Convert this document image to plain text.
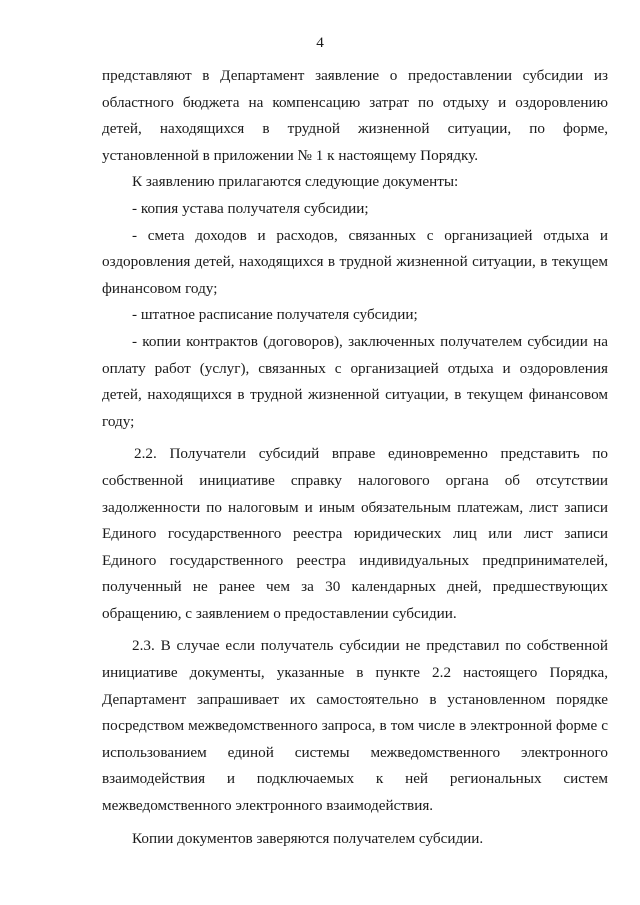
4
представляют в Департамент заявление о предоставлении субсидии из
областного бюджета на компенсацию затрат по отдыху и оздоровлению
детей, находящихся в трудной жизненной ситуации, по форме,
установленной в приложении № 1 к настоящему Порядку.
К заявлению прилагаются следующие документы:
- копия устава получателя субсидии;
- смета доходов и расходов, связанных с организацией отдыха и
оздоровления детей, находящихся в трудной жизненной ситуации, в текущем
финансовом году;
- штатное расписание получателя субсидии;
- копии контрактов (договоров), заключенных получателем субсидии на
оплату работ (услуг), связанных с организацией отдыха и оздоровления
детей, находящихся в трудной жизненной ситуации, в текущем финансовом
году;
2.2. Получатели субсидий вправе единовременно представить по
собственной инициативе справку налогового органа об отсутствии
задолженности по налоговым и иным обязательным платежам, лист записи
Единого государственного реестра юридических лиц или лист записи
Единого государственного реестра индивидуальных предпринимателей,
полученный не ранее чем за 30 календарных дней, предшествующих
обращению, с заявлением о предоставлении субсидии.
2.3. В случае если получатель субсидии не представил по собственной
инициативе документы, указанные в пункте 2.2 настоящего Порядка,
Департамент запрашивает их самостоятельно в установленном порядке
посредством межведомственного запроса, в том числе в электронной форме с
использованием единой системы межведомственного электронного
взаимодействия и подключаемых к ней региональных систем
межведомственного электронного взаимодействия.
Копии документов заверяются получателем субсидии.
